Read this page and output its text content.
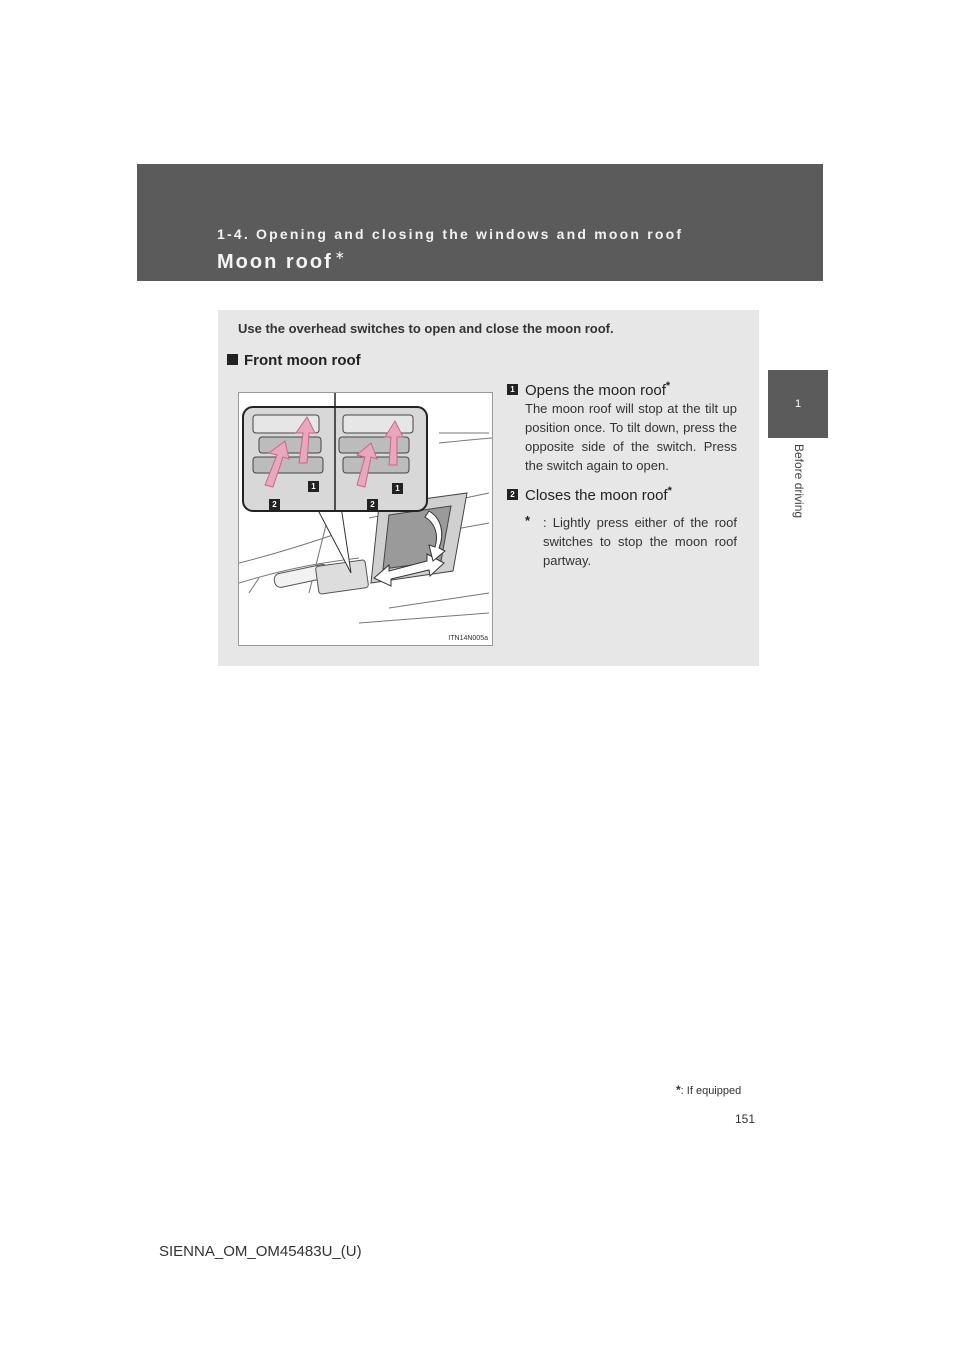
1-4. Opening and closing the windows and moon roof
Moon roof ∗
1
Before driving
Use the overhead switches to open and close the moon roof.
Front moon roof
1
2	2
1
ITN14N005a
1 Opens the moon roof*

The moon roof will stop at the tilt up position once. To tilt down, press the opposite side of the switch. Press the switch again to open.

2 Closes the moon roof*
* : Lightly press either of the roof switches to stop the moon roof partway.
*: If equipped
151
SIENNA_OM_OM45483U_(U)
